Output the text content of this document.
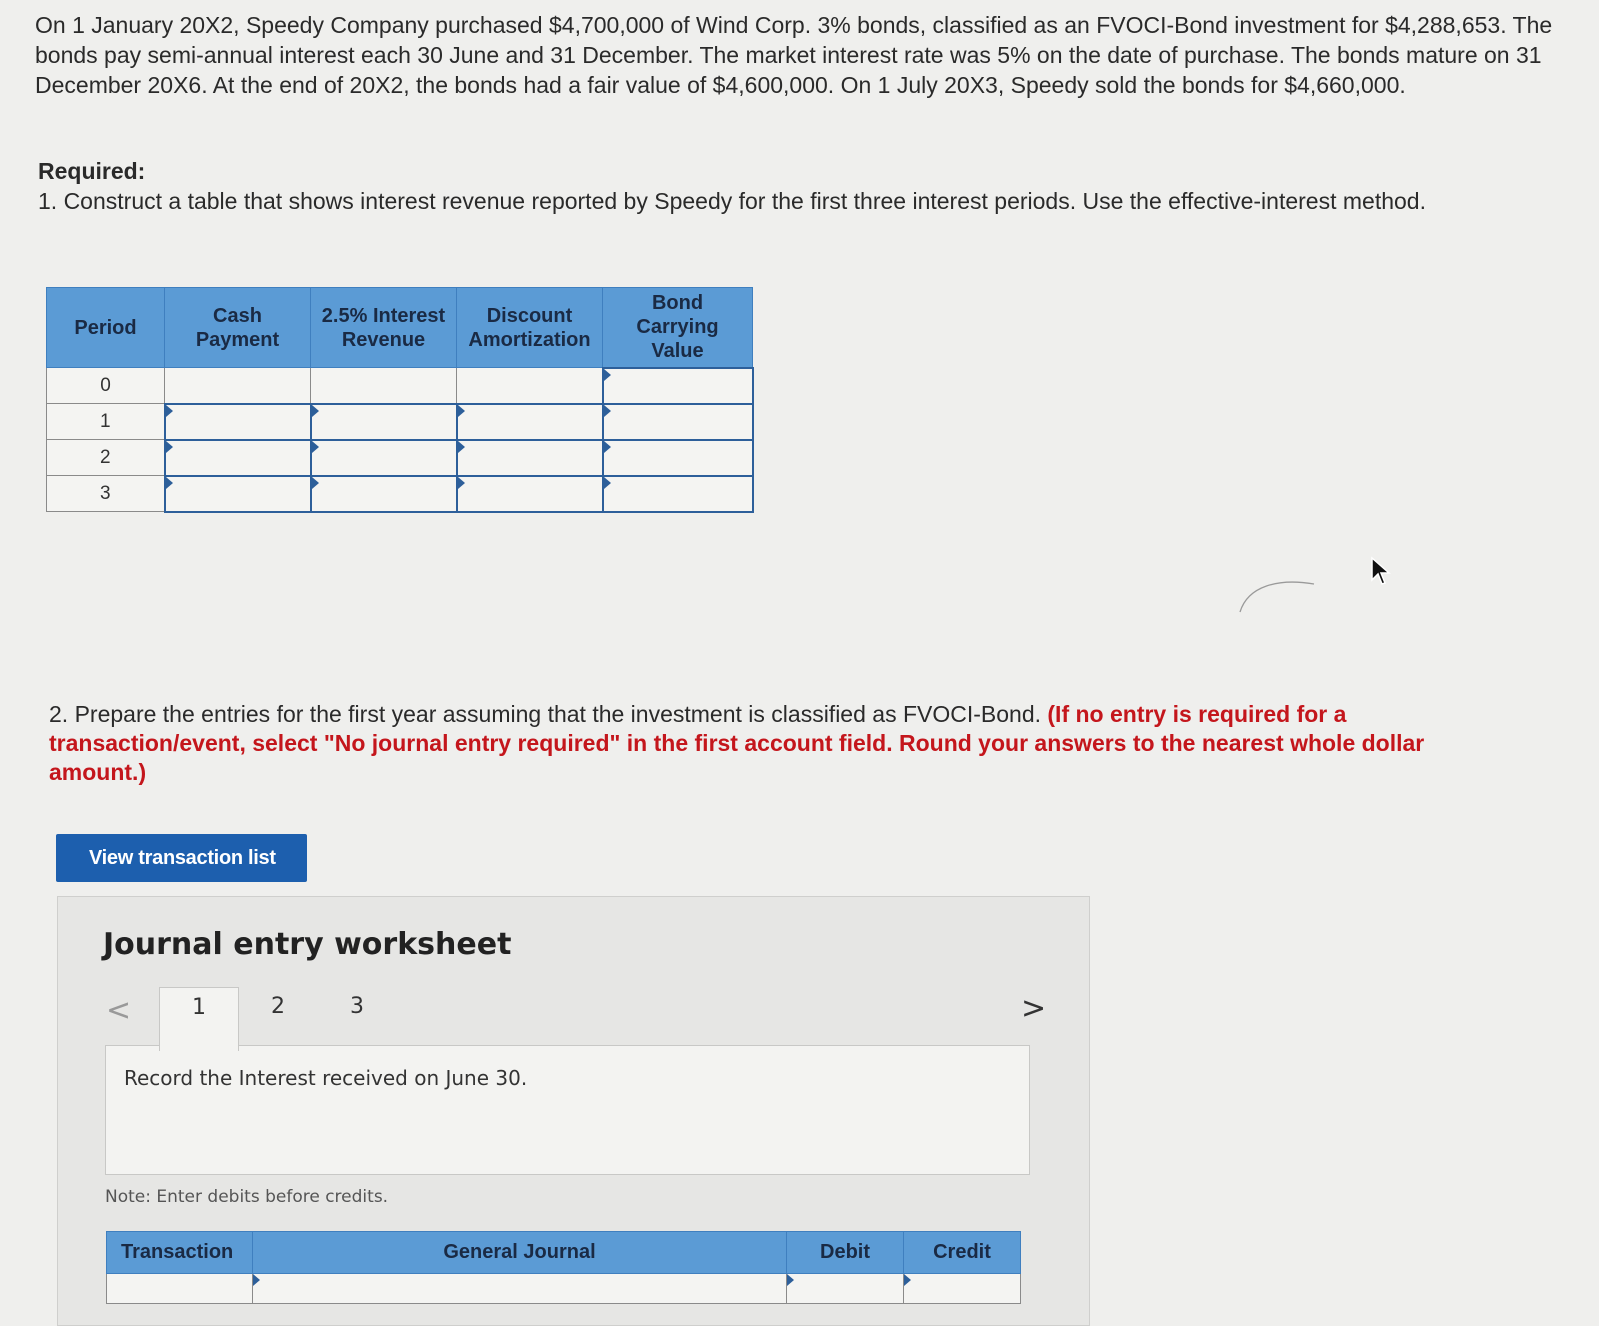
On 1 January 20X2, Speedy Company purchased $4,700,000 of Wind Corp. 3% bonds, classified as an FVOCI-Bond investment for $4,288,653. The bonds pay semi-annual interest each 30 June and 31 December. The market interest rate was 5% on the date of purchase. The bonds mature on 31 December 20X6. At the end of 20X2, the bonds had a fair value of $4,600,000. On 1 July 20X3, Speedy sold the bonds for $4,660,000.

Required:

1. Construct a table that shows interest revenue reported by Speedy for the first three interest periods. Use the effective-interest method.

Period	Cash Payment	2.5% Interest Revenue	Discount Amortization	Bond Carrying Value
0				
1				
2				
3				

2. Prepare the entries for the first year assuming that the investment is classified as FVOCI-Bond. (If no entry is required for a transaction/event, select "No journal entry required" in the first account field. Round your answers to the nearest whole dollar amount.)

View transaction list
Journal entry worksheet
<	1	2	3	>

Record the Interest received on June 30.

Note: Enter debits before credits.

Transaction	General Journal	Debit	Credit
